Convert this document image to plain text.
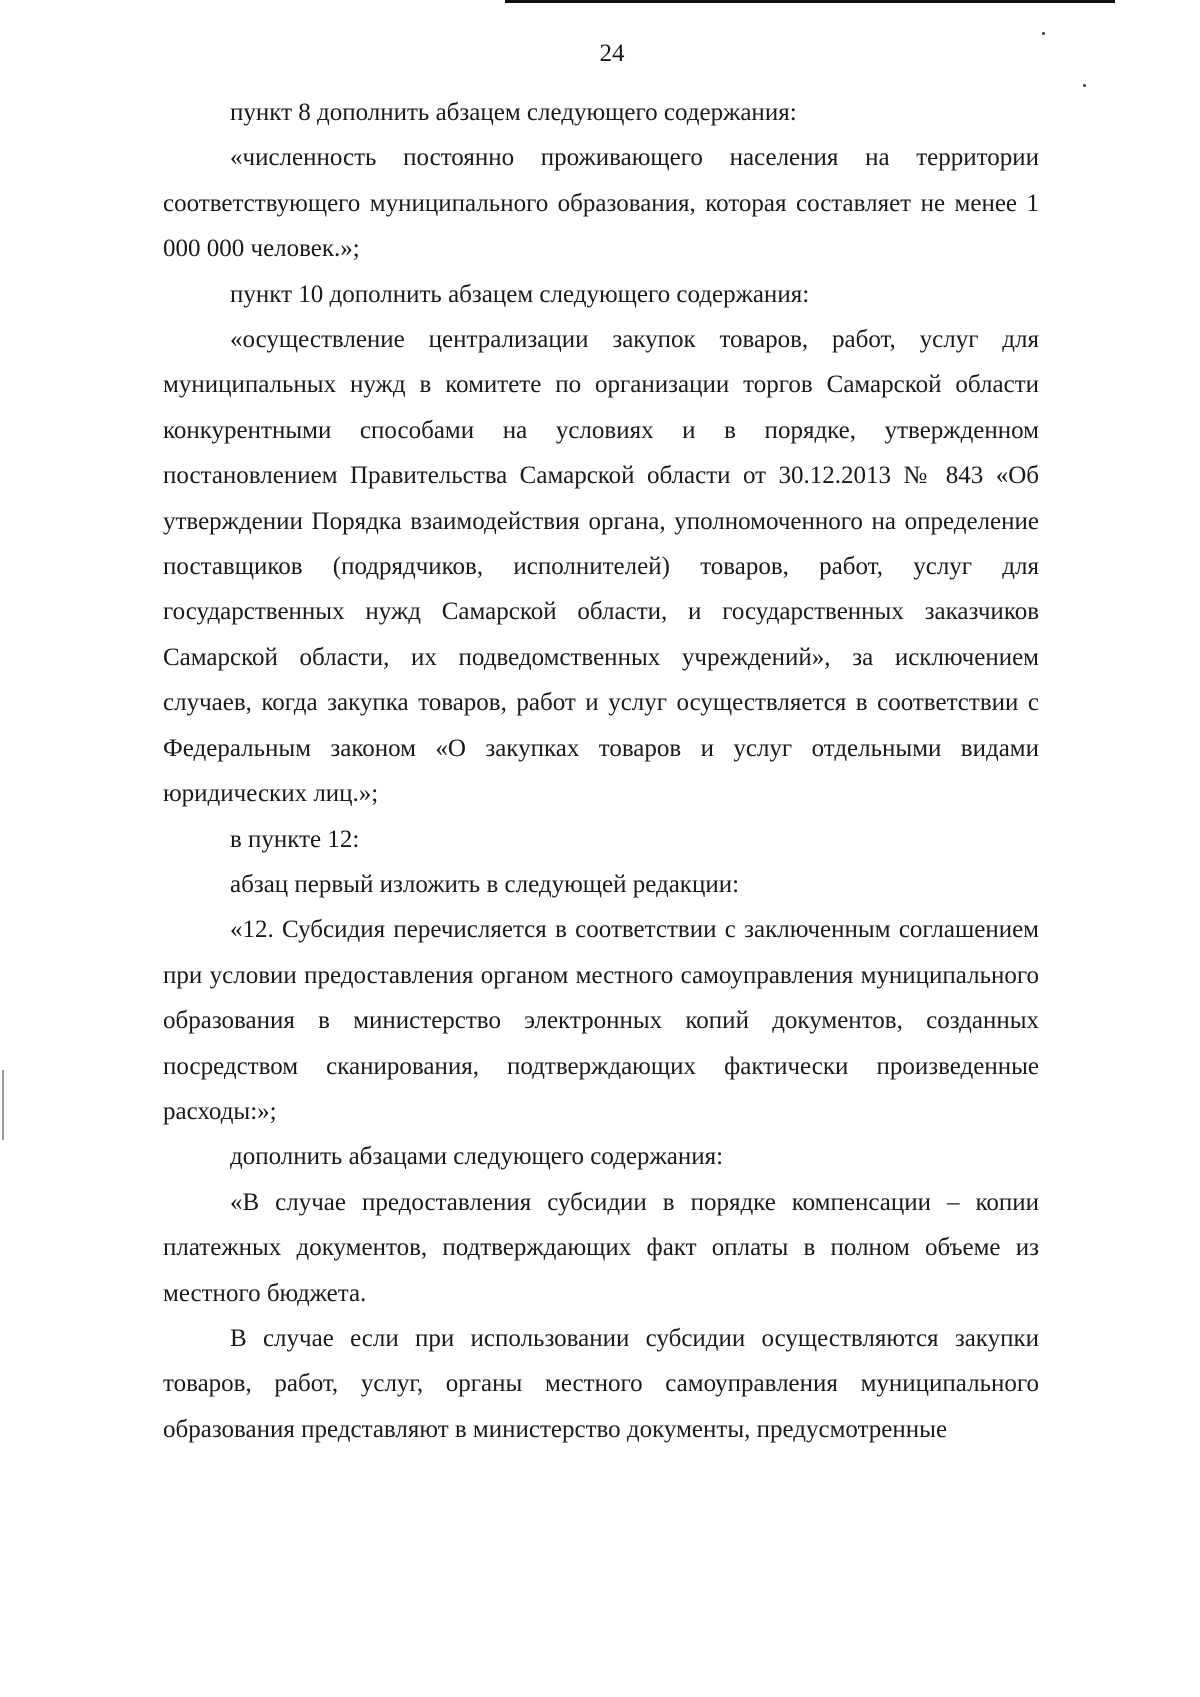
24

пункт 8 дополнить абзацем следующего содержания:

«численность постоянно проживающего населения на территории соответствующего муниципального образования, которая составляет не менее 1 000 000 человек.»;

пункт 10 дополнить абзацем следующего содержания:

«осуществление централизации закупок товаров, работ, услуг для муниципальных нужд в комитете по организации торгов Самарской области конкурентными способами на условиях и в порядке, утвержденном постановлением Правительства Самарской области от 30.12.2013 № 843 «Об утверждении Порядка взаимодействия органа, уполномоченного на определение поставщиков (подрядчиков, исполнителей) товаров, работ, услуг для государственных нужд Самарской области, и государственных заказчиков Самарской области, их подведомственных учреждений», за исключением случаев, когда закупка товаров, работ и услуг осуществляется в соответствии с Федеральным законом «О закупках товаров и услуг отдельными видами юридических лиц.»;

в пункте 12:

абзац первый изложить в следующей редакции:

«12. Субсидия перечисляется в соответствии с заключенным соглашением при условии предоставления органом местного самоуправления муниципального образования в министерство электронных копий документов, созданных посредством сканирования, подтверждающих фактически произведенные расходы:»;

дополнить абзацами следующего содержания:

«В случае предоставления субсидии в порядке компенсации – копии платежных документов, подтверждающих факт оплаты в полном объеме из местного бюджета.

В случае если при использовании субсидии осуществляются закупки товаров, работ, услуг, органы местного самоуправления муниципального образования представляют в министерство документы, предусмотренные
